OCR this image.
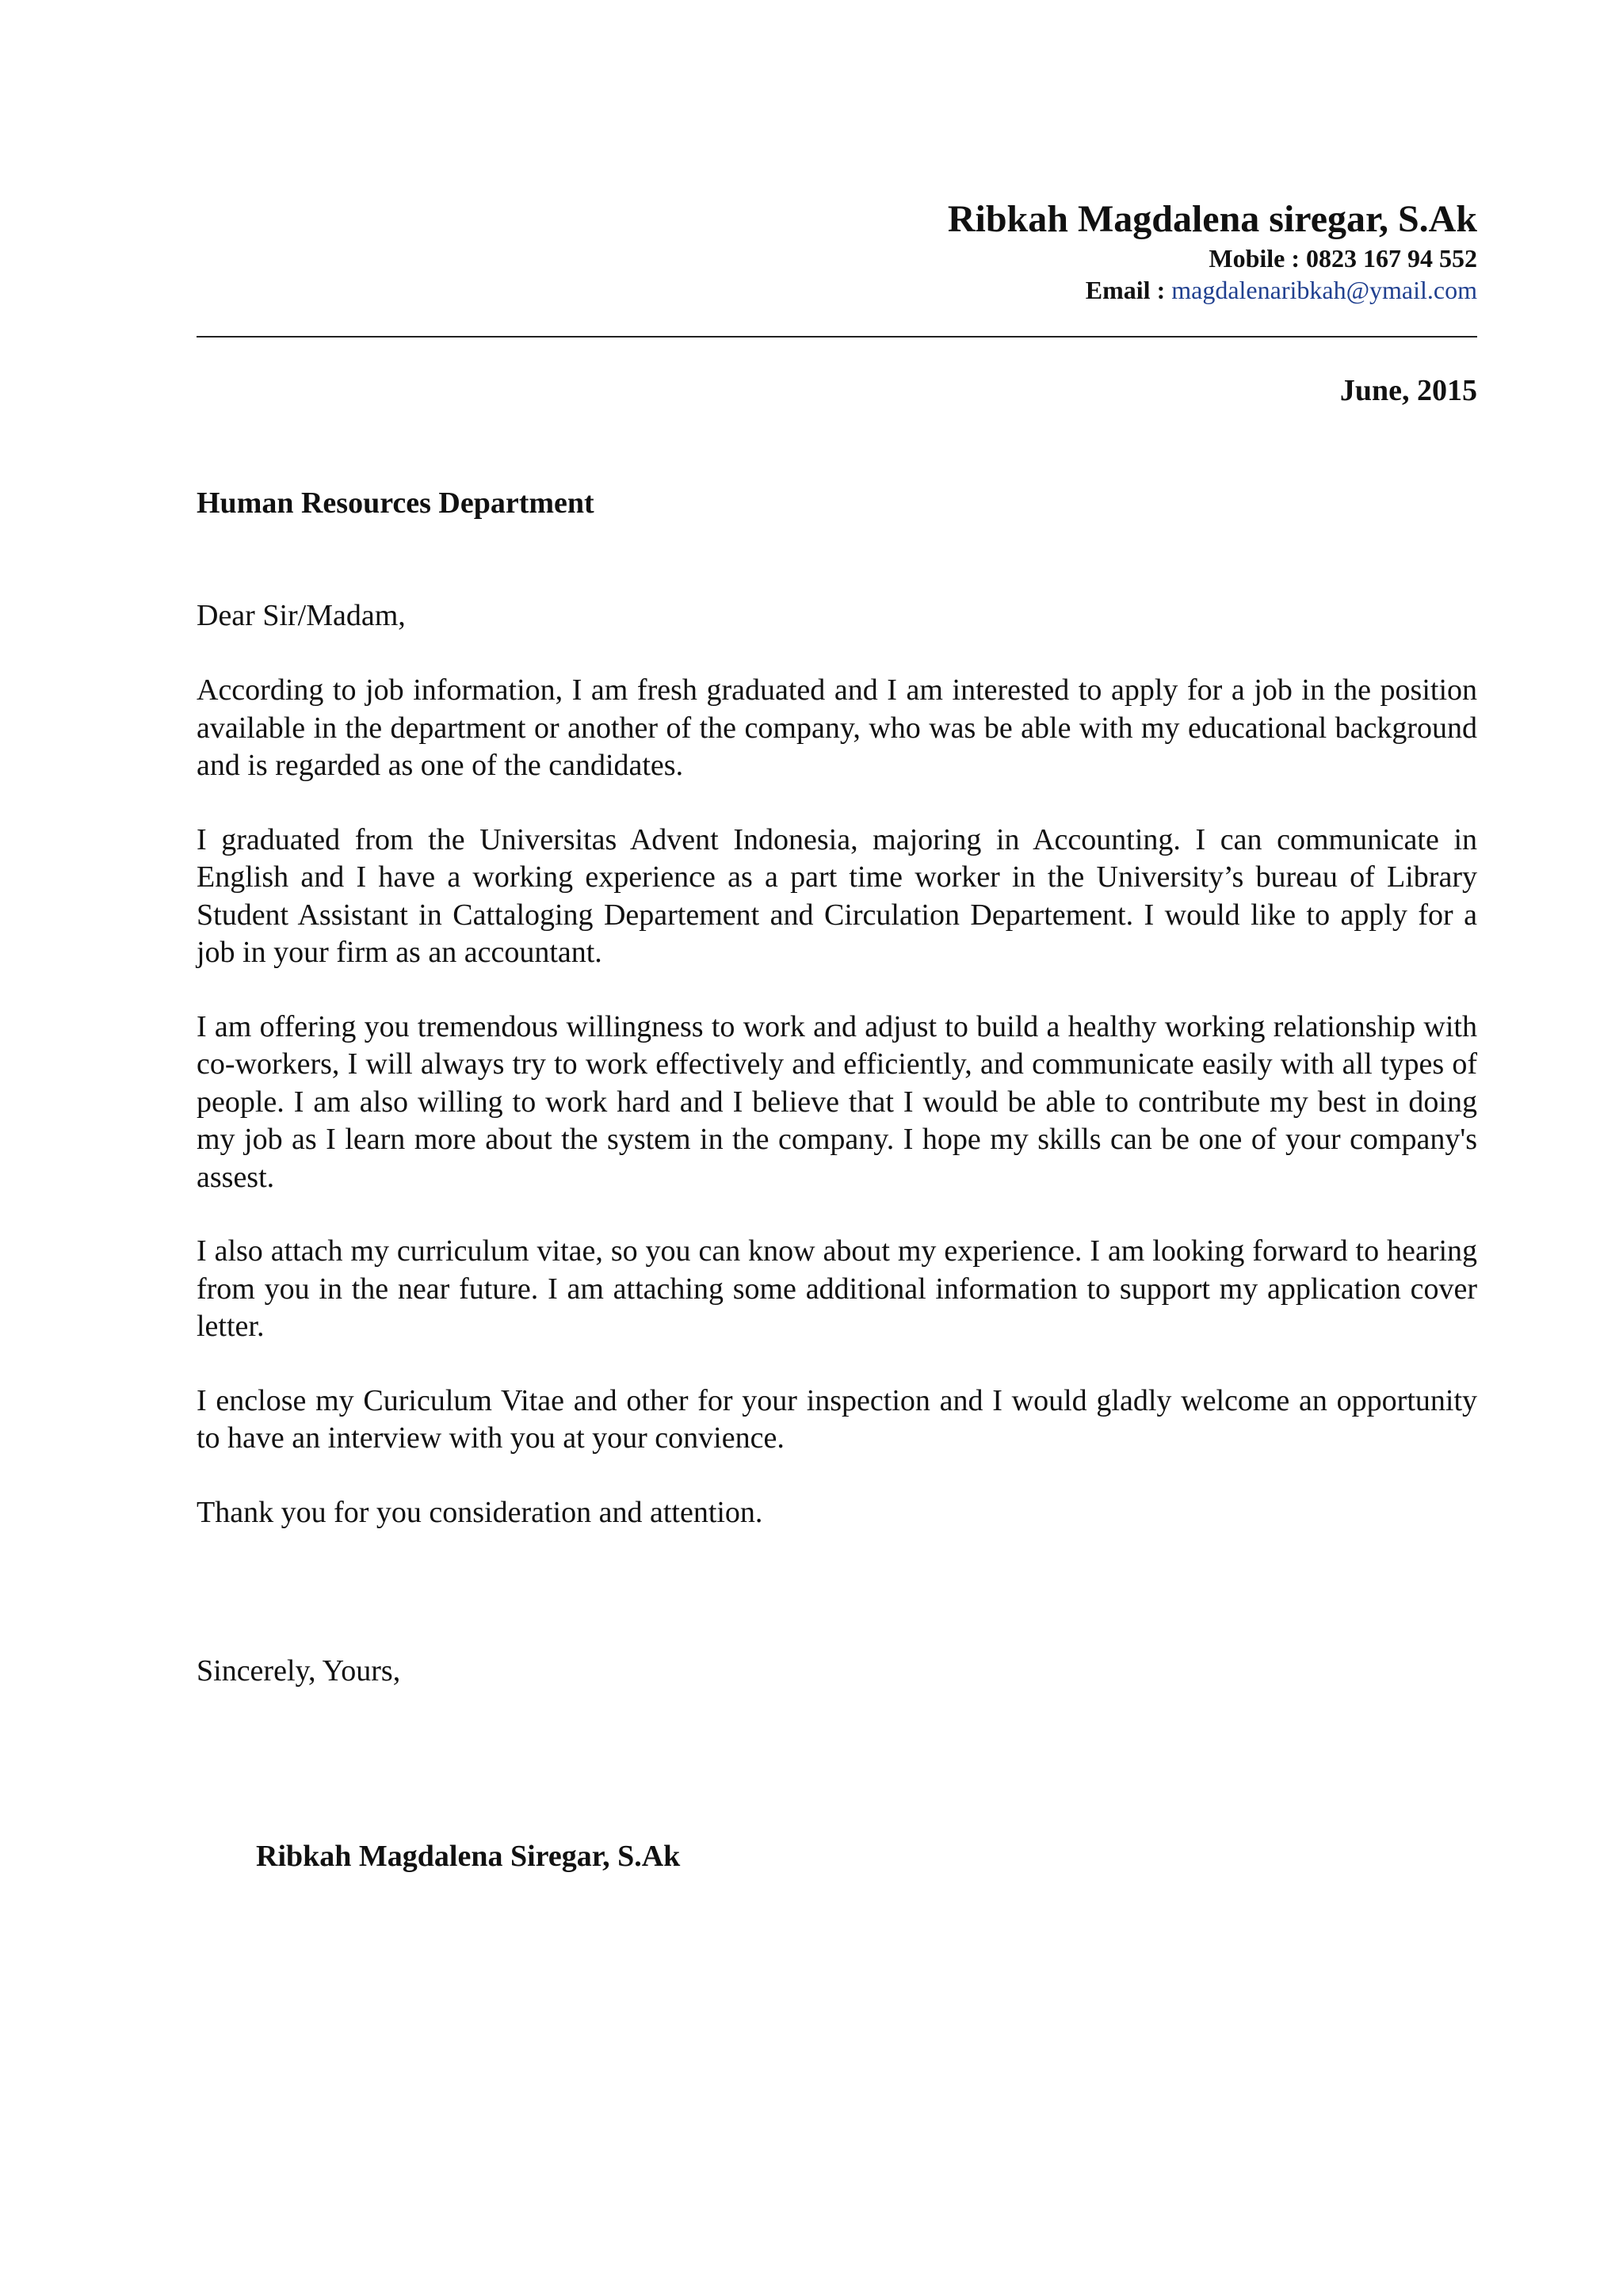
Ribkah Magdalena siregar, S.Ak
Mobile : 0823 167 94 552
Email : magdalenaribkah@ymail.com
June, 2015
Human Resources Department
Dear Sir/Madam,

According to job information, I am fresh graduated and I am interested to apply for a job in the position available in the department or another of the company, who was be able with my educational background and is regarded as one of the candidates.

I graduated from the Universitas Advent Indonesia, majoring in Accounting. I can communicate in English and I have a working experience as a part time worker in the University’s bureau of Library Student Assistant in Cattaloging Departement and Circulation Departement. I would like to apply for a job in your firm as an accountant.

I am offering you tremendous willingness to work and adjust to build a healthy working relationship with co-workers, I will always try to work effectively and efficiently, and communicate easily with all types of people. I am also willing to work hard and I believe that I would be able to contribute my best in doing my job as I learn more about the system in the company. I hope my skills can be one of your company's assest.

I also attach my curriculum vitae, so you can know about my experience. I am looking forward to hearing from you in the near future. I am attaching some additional information to support my application cover letter.

I enclose my Curiculum Vitae and other for your inspection and I would gladly welcome an opportunity to have an interview with you at your convience.

Thank you for you consideration and attention.

Sincerely, Yours,
Ribkah Magdalena Siregar, S.Ak
